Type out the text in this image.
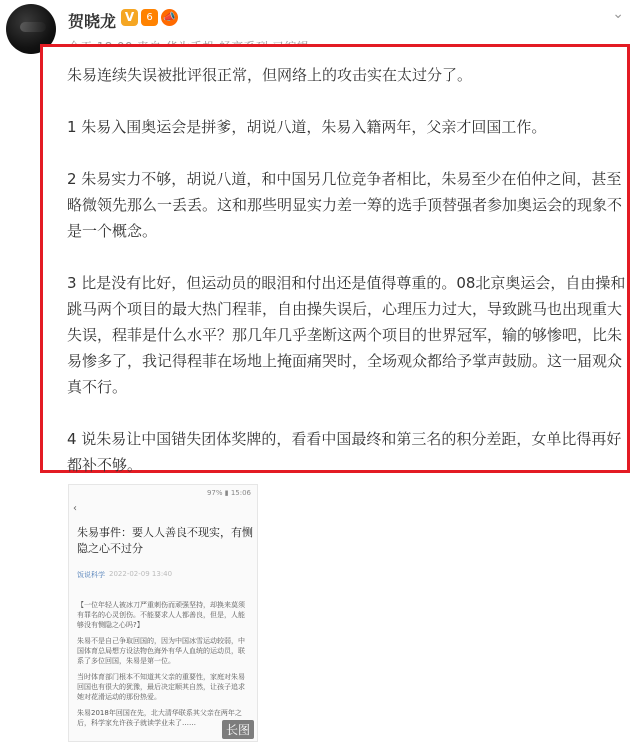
贺晓龙 V	6	📣	⌄

朱易连续失误被批评很正常，但网络上的攻击实在太过分了。

1 朱易入围奥运会是拼爹，胡说八道，朱易入籍两年，父亲才回国工作。

2 朱易实力不够，胡说八道，和中国另几位竞争者相比，朱易至少在伯仲之间，甚至略微领先那么一丢丢。这和那些明显实力差一筹的选手顶替强者参加奥运会的现象不是一个概念。

3 比是没有比好，但运动员的眼泪和付出还是值得尊重的。08北京奥运会，自由操和跳马两个项目的最大热门程菲，自由操失误后，心理压力过大，导致跳马也出现重大失误，程菲是什么水平？那几年几乎垄断这两个项目的世界冠军，输的够惨吧，比朱易惨多了，我记得程菲在场地上掩面痛哭时，全场观众都给予掌声鼓励。这一届观众真不行。

4 说朱易让中国错失团体奖牌的，看看中国最终和第三名的积分差距，女单比得再好都补不够。

97% ▮ 15:06
‹
朱易事件：要人人善良不现实，有恻隐之心不过分
饭说科学 2022-02-09 13:40

【一位年轻人被冰刀严重刺伤而顽强坚持，却换来莫须有罪名的心灵创伤。不能要求人人都善良，但是，人能够没有恻隐之心吗?】

朱易不是自己争取回国的，因为中国冰雪运动较弱，中国体育总局想方设法物色海外有华人血统的运动员，联系了多位回国，朱易是第一位。

当时体育部门根本不知道其父亲的重要性，家庭对朱易回国也有很大的犹豫，最后决定顺其自然，让孩子追求她对花滑运动的那份热爱。

朱易2018年回国在先，北大清华联系其父亲在两年之后，科学家允许孩子就读学业未了……	长图
